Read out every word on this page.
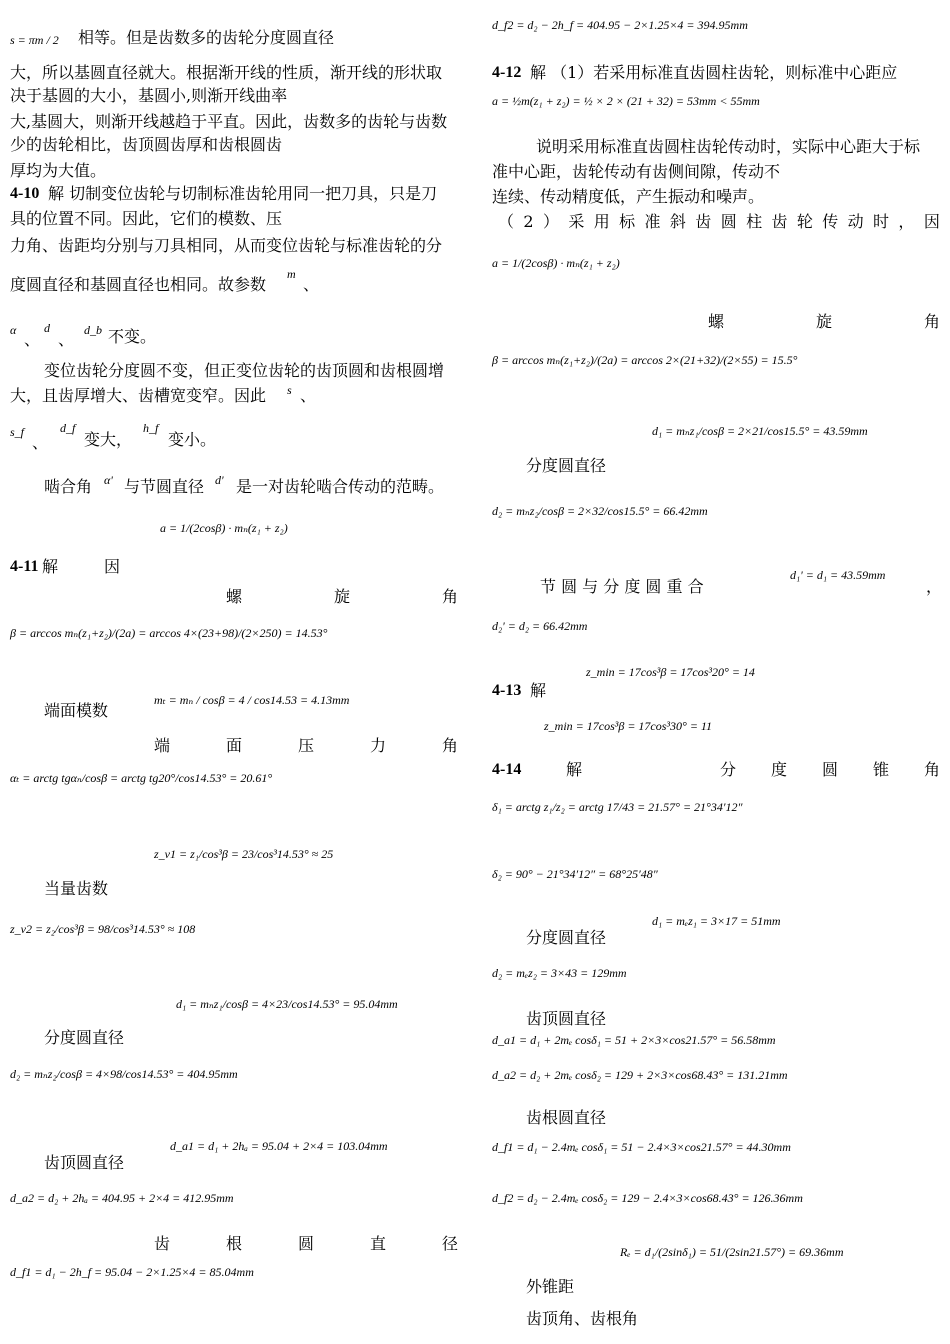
s = πm / 2 相等。但是齿数多的齿轮分度圆直径
大，所以基圆直径就大。根据渐开线的性质，渐开线的形状取
决于基圆的大小，基圆小,则渐开线曲率
大,基圆大，则渐开线越趋于平直。因此，齿数多的齿轮与齿数
少的齿轮相比，齿顶圆齿厚和齿根圆齿
厚均为大值。
4-10 解 切制变位齿轮与切制标准齿轮用同一把刀具，只是刀
具的位置不同。因此，它们的模数、压
力角、齿距均分别与刀具相同，从而变位齿轮与标准齿轮的分
度圆直径和基圆直径也相同。故参数
m
、
α 、
d
、 d_b 不变。
变位齿轮分度圆不变，但正变位齿轮的齿顶圆和齿根圆增
大，且齿厚增大、齿槽宽变窄。因此 s 、
s_f
、
d_f
变大，
h_f
变小。
啮合角 α' 与节圆直径 d' 是一对齿轮啮合传动的范畴。
a = 1/(2cosβ) · mₙ(z₁ + z₂)
4-11 解	因
螺	旋	角
β = arccos mₙ(z₁+z₂)/(2a) = arccos 4×(23+98)/(2×250) = 14.53°
端面模数
mₜ = mₙ / cosβ = 4 / cos14.53 = 4.13mm
端	面	压	力	角
αₜ = arctg tgαₙ/cosβ = arctg tg20°/cos14.53° = 20.61°
z_v1 = z₁/cos³β = 23/cos³14.53° ≈ 25
当量齿数
z_v2 = z₂/cos³β = 98/cos³14.53° ≈ 108
d₁ = mₙz₁/cosβ = 4×23/cos14.53° = 95.04mm
分度圆直径
d₂ = mₙz₂/cosβ = 4×98/cos14.53° = 404.95mm
d_a1 = d₁ + 2hₐ = 95.04 + 2×4 = 103.04mm
齿顶圆直径
d_a2 = d₂ + 2hₐ = 404.95 + 2×4 = 412.95mm
齿	根	圆	直	径
d_f1 = d₁ − 2h_f = 95.04 − 2×1.25×4 = 85.04mm
d_f2 = d₂ − 2h_f = 404.95 − 2×1.25×4 = 394.95mm
4-12 解 （1）若采用标准直齿圆柱齿轮，则标准中心距应
a = ½m(z₁ + z₂) = ½ × 2 × (21 + 32) = 53mm < 55mm
说明采用标准直齿圆柱齿轮传动时，实际中心距大于标
准中心距，齿轮传动有齿侧间隙，传动不
连续、传动精度低，产生振动和噪声。
（ 2 ） 采 用 标 准 斜 齿 圆 柱 齿 轮 传 动 时 ， 因
a = 1/(2cosβ) · mₙ(z₁ + z₂)
螺	旋	角
β = arccos mₙ(z₁+z₂)/(2a) = arccos 2×(21+32)/(2×55) = 15.5°
d₁ = mₙz₁/cosβ = 2×21/cos15.5° = 43.59mm
分度圆直径
d₂ = mₙz₂/cosβ = 2×32/cos15.5° = 66.42mm
节 圆 与 分 度 圆 重 合
d₁' = d₁ = 43.59mm
，
d₂' = d₂ = 66.42mm
z_min = 17cos³β = 17cos³20° = 14
4-13 解
z_min = 17cos³β = 17cos³30° = 11
4-14	解	分 度 圆 锥 角
δ₁ = arctg z₁/z₂ = arctg 17/43 = 21.57° = 21°34′12″
δ₂ = 90° − 21°34′12″ = 68°25′48″
d₁ = mₑz₁ = 3×17 = 51mm
分度圆直径
d₂ = mₑz₂ = 3×43 = 129mm
齿顶圆直径
d_a1 = d₁ + 2mₑ cosδ₁ = 51 + 2×3×cos21.57° = 56.58mm
d_a2 = d₂ + 2mₑ cosδ₂ = 129 + 2×3×cos68.43° = 131.21mm
齿根圆直径
d_f1 = d₁ − 2.4mₑ cosδ₁ = 51 − 2.4×3×cos21.57° = 44.30mm
d_f2 = d₂ − 2.4mₑ cosδ₂ = 129 − 2.4×3×cos68.43° = 126.36mm
Rₑ = d₁/(2sinδ₁) = 51/(2sin21.57°) = 69.36mm
外锥距
齿顶角、齿根角
